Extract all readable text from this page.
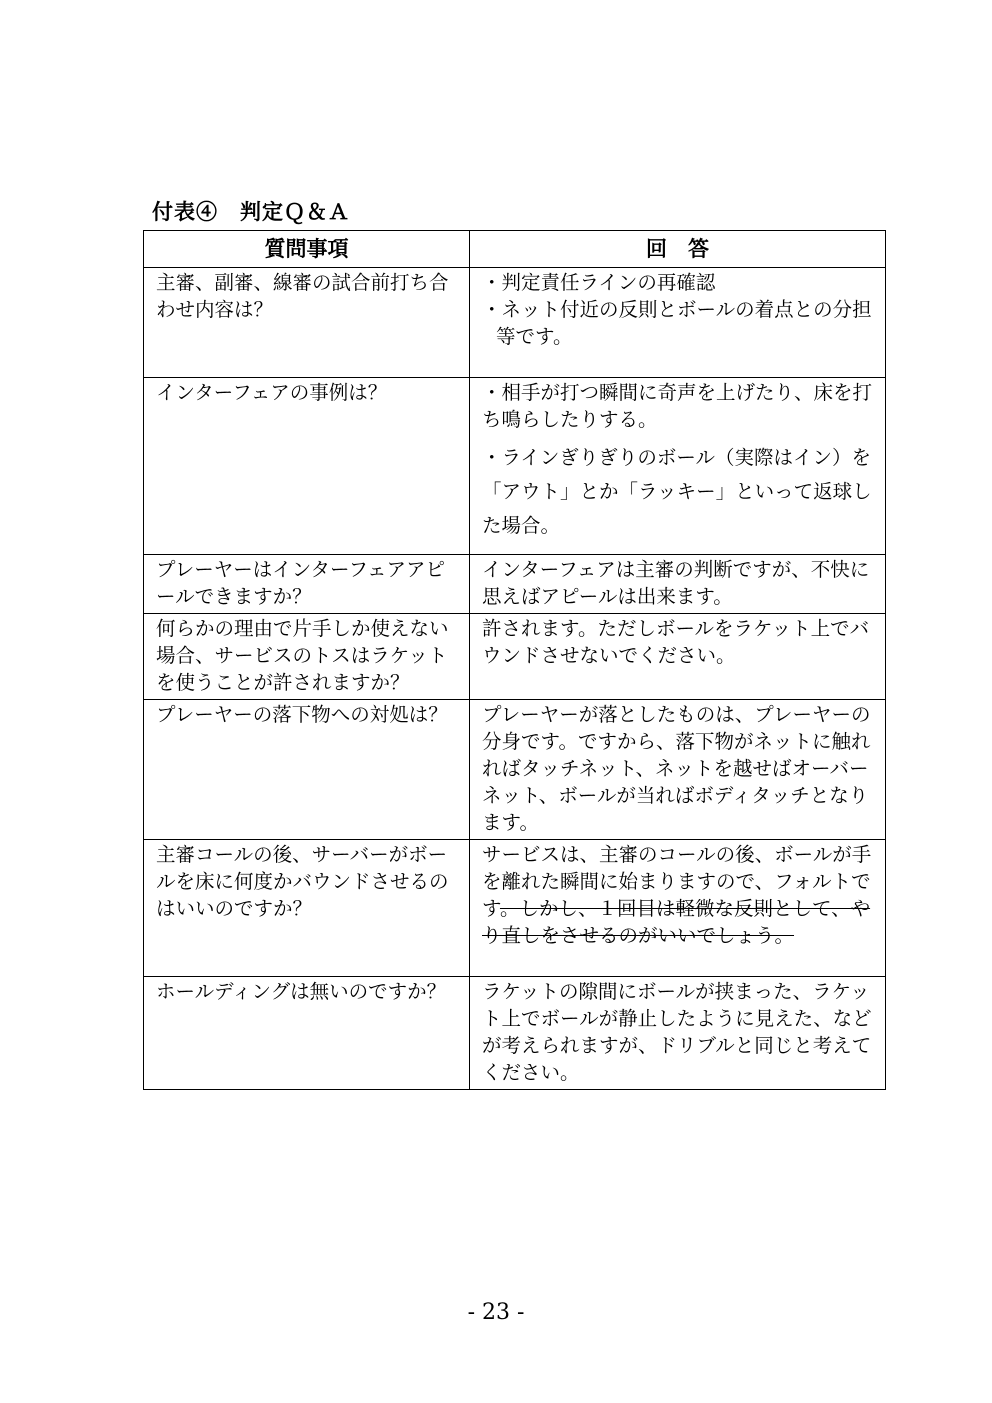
付表④　判定Ｑ＆Ａ
質問事項	回　答
主審、副審、線審の試合前打ち合わせ内容は？	・判定責任ラインの再確認
・ネット付近の反則とボールの着点との分担
等です。

インターフェアの事例は？	・相手が打つ瞬間に奇声を上げたり、床を打ち鳴らしたりする。
・ラインぎりぎりのボール（実際はイン）を「アウト」とか「ラッキー」といって返球した場合。

プレーヤーはインターフェアアピールできますか？	インターフェアは主審の判断ですが、不快に思えばアピールは出来ます。
何らかの理由で片手しか使えない場合、サービスのトスはラケットを使うことが許されますか？	許されます。ただしボールをラケット上でバウンドさせないでください。
プレーヤーの落下物への対処は？	プレーヤーが落としたものは、プレーヤーの分身です。ですから、落下物がネットに触れればタッチネット、ネットを越せばオーバーネット、ボールが当ればボディタッチとなります。
主審コールの後、サーバーがボールを床に何度かバウンドさせるのはいいのですか？	サービスは、主審のコールの後、ボールが手を離れた瞬間に始まりますので、フォルトです。しかし、１回目は軽微な反則として、やり直しをさせるのがいいでしょう。
ホールディングは無いのですか？	ラケットの隙間にボールが挟まった、ラケット上でボールが静止したように見えた、などが考えられますが、ドリブルと同じと考えてください。
- 23 -
